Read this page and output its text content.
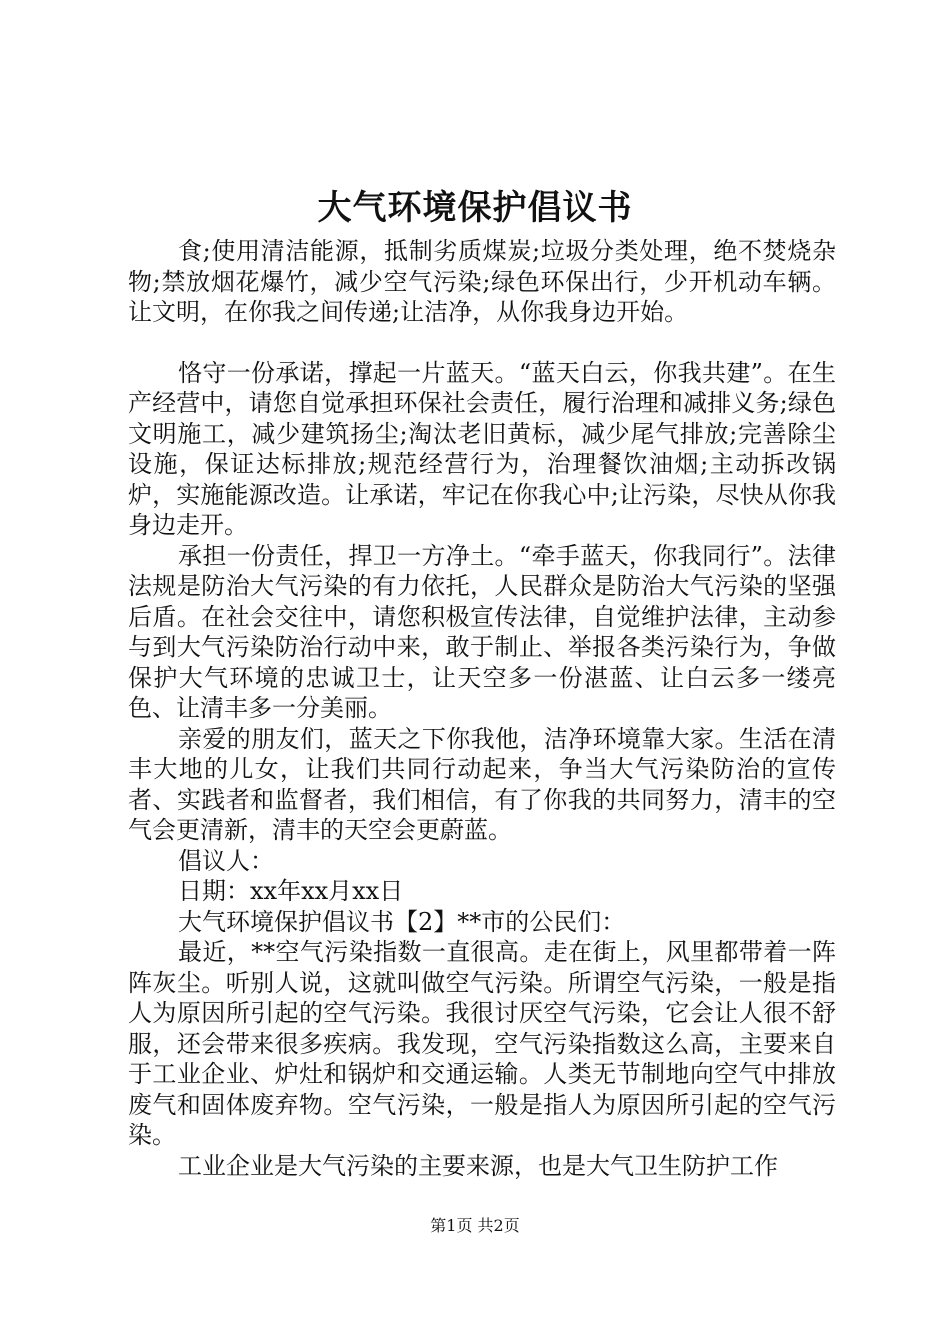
大气环境保护倡议书

食;使用清洁能源，抵制劣质煤炭;垃圾分类处理，绝不焚烧杂物;禁放烟花爆竹，减少空气污染;绿色环保出行，少开机动车辆。让文明，在你我之间传递;让洁净，从你我身边开始。

恪守一份承诺，撑起一片蓝天。“蓝天白云，你我共建”。在生产经营中，请您自觉承担环保社会责任，履行治理和减排义务;绿色文明施工，减少建筑扬尘;淘汰老旧黄标，减少尾气排放;完善除尘设施，保证达标排放;规范经营行为，治理餐饮油烟;主动拆改锅炉，实施能源改造。让承诺，牢记在你我心中;让污染，尽快从你我身边走开。

承担一份责任，捍卫一方净土。“牵手蓝天，你我同行”。法律法规是防治大气污染的有力依托，人民群众是防治大气污染的坚强后盾。在社会交往中，请您积极宣传法律，自觉维护法律，主动参与到大气污染防治行动中来，敢于制止、举报各类污染行为，争做保护大气环境的忠诚卫士，让天空多一份湛蓝、让白云多一缕亮色、让清丰多一分美丽。

亲爱的朋友们，蓝天之下你我他，洁净环境靠大家。生活在清丰大地的儿女，让我们共同行动起来，争当大气污染防治的宣传者、实践者和监督者，我们相信，有了你我的共同努力，清丰的空气会更清新，清丰的天空会更蔚蓝。

倡议人：

日期：xx年xx月xx日

大气环境保护倡议书【2】**市的公民们：

最近，**空气污染指数一直很高。走在街上，风里都带着一阵阵灰尘。听别人说，这就叫做空气污染。所谓空气污染，一般是指人为原因所引起的空气污染。我很讨厌空气污染，它会让人很不舒服，还会带来很多疾病。我发现，空气污染指数这么高，主要来自于工业企业、炉灶和锅炉和交通运输。人类无节制地向空气中排放废气和固体废弃物。空气污染，一般是指人为原因所引起的空气污染。

工业企业是大气污染的主要来源，也是大气卫生防护工作

第1页 共2页
